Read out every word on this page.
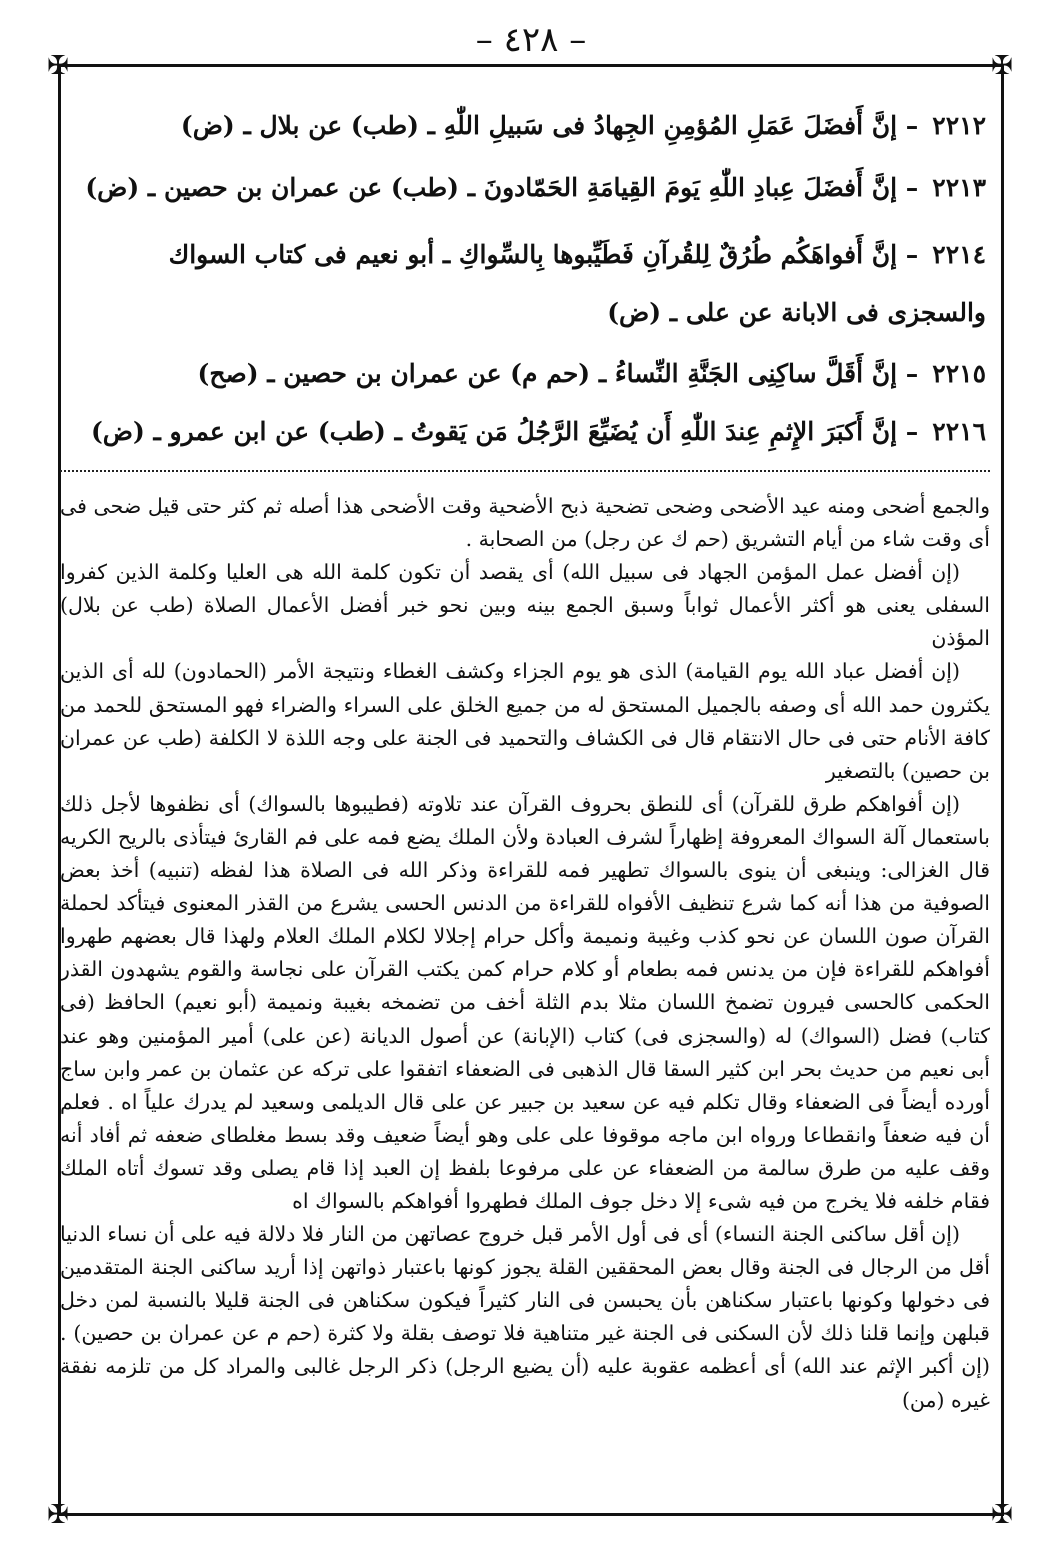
– ٤٢٨ –
✠	✠
✠	✠
٢٢١٢– إنَّ أَفضَلَ عَمَلِ المُؤمِنِ الجِهادُ فى سَبيلِ اللّٰهِ ـ (طب) عن بلال ـ (ض)
٢٢١٣– إنَّ أَفضَلَ عِبادِ اللّٰهِ يَومَ القِيامَةِ الحَمّادونَ ـ (طب) عن عمران بن حصين ـ (ض)
٢٢١٤– إنَّ أَفواهَكُم طُرُقٌ لِلقُرآنِ فَطَيِّبوها بِالسِّواكِ ـ أبو نعيم فى كتاب السواك والسجزى فى الابانة عن على ـ (ض)
٢٢١٥– إنَّ أَقَلَّ ساكِنِى الجَنَّةِ النِّساءُ ـ (حم م) عن عمران بن حصين ـ (صح)
٢٢١٦– إنَّ أَكبَرَ الإِثمِ عِندَ اللّٰهِ أَن يُضَيِّعَ الرَّجُلُ مَن يَقوتُ ـ (طب) عن ابن عمرو ـ (ض)

والجمع أضحى ومنه عيد الأضحى وضحى تضحية ذبح الأضحية وقت الأضحى هذا أصله ثم كثر حتى قيل ضحى فى أى وقت شاء من أيام التشريق (حم ك عن رجل) من الصحابة .

(إن أفضل عمل المؤمن الجهاد فى سبيل الله) أى يقصد أن تكون كلمة الله هى العليا وكلمة الذين كفروا السفلى يعنى هو أكثر الأعمال ثواباً وسبق الجمع بينه وبين نحو خبر أفضل الأعمال الصلاة (طب عن بلال) المؤذن

(إن أفضل عباد الله يوم القيامة) الذى هو يوم الجزاء وكشف الغطاء ونتيجة الأمر (الحمادون) لله أى الذين يكثرون حمد الله أى وصفه بالجميل المستحق له من جميع الخلق على السراء والضراء فهو المستحق للحمد من كافة الأنام حتى فى حال الانتقام قال فى الكشاف والتحميد فى الجنة على وجه اللذة لا الكلفة (طب عن عمران بن حصين) بالتصغير

(إن أفواهكم طرق للقرآن) أى للنطق بحروف القرآن عند تلاوته (فطيبوها بالسواك) أى نظفوها لأجل ذلك باستعمال آلة السواك المعروفة إظهاراً لشرف العبادة ولأن الملك يضع فمه على فم القارئ فيتأذى بالريح الكريه قال الغزالى: وينبغى أن ينوى بالسواك تطهير فمه للقراءة وذكر الله فى الصلاة هذا لفظه (تنبيه) أخذ بعض الصوفية من هذا أنه كما شرع تنظيف الأفواه للقراءة من الدنس الحسى يشرع من القذر المعنوى فيتأكد لحملة القرآن صون اللسان عن نحو كذب وغيبة ونميمة وأكل حرام إجلالا لكلام الملك العلام ولهذا قال بعضهم طهروا أفواهكم للقراءة فإن من يدنس فمه بطعام أو كلام حرام كمن يكتب القرآن على نجاسة والقوم يشهدون القذر الحكمى كالحسى فيرون تضمخ اللسان مثلا بدم الثلة أخف من تضمخه بغيبة ونميمة (أبو نعيم) الحافظ (فى كتاب) فضل (السواك) له (والسجزى فى) كتاب (الإبانة) عن أصول الديانة (عن على) أمير المؤمنين وهو عند أبى نعيم من حديث بحر ابن كثير السقا قال الذهبى فى الضعفاء اتفقوا على تركه عن عثمان بن عمر وابن ساج أورده أيضاً فى الضعفاء وقال تكلم فيه عن سعيد بن جبير عن على قال الديلمى وسعيد لم يدرك علياً اه . فعلم أن فيه ضعفاً وانقطاعا ورواه ابن ماجه موقوفا على على وهو أيضاً ضعيف وقد بسط مغلطاى ضعفه ثم أفاد أنه وقف عليه من طرق سالمة من الضعفاء عن على مرفوعا بلفظ إن العبد إذا قام يصلى وقد تسوك أتاه الملك فقام خلفه فلا يخرج من فيه شىء إلا دخل جوف الملك فطهروا أفواهكم بالسواك اه

(إن أقل ساكنى الجنة النساء) أى فى أول الأمر قبل خروج عصاتهن من النار فلا دلالة فيه على أن نساء الدنيا أقل من الرجال فى الجنة وقال بعض المحققين القلة يجوز كونها باعتبار ذواتهن إذا أريد ساكنى الجنة المتقدمين فى دخولها وكونها باعتبار سكناهن بأن يحبسن فى النار كثيراً فيكون سكناهن فى الجنة قليلا بالنسبة لمن دخل قبلهن وإنما قلنا ذلك لأن السكنى فى الجنة غير متناهية فلا توصف بقلة ولا كثرة (حم م عن عمران بن حصين) . (إن أكبر الإثم عند الله) أى أعظمه عقوبة عليه (أن يضيع الرجل) ذكر الرجل غالبى والمراد كل من تلزمه نفقة غيره (من)
